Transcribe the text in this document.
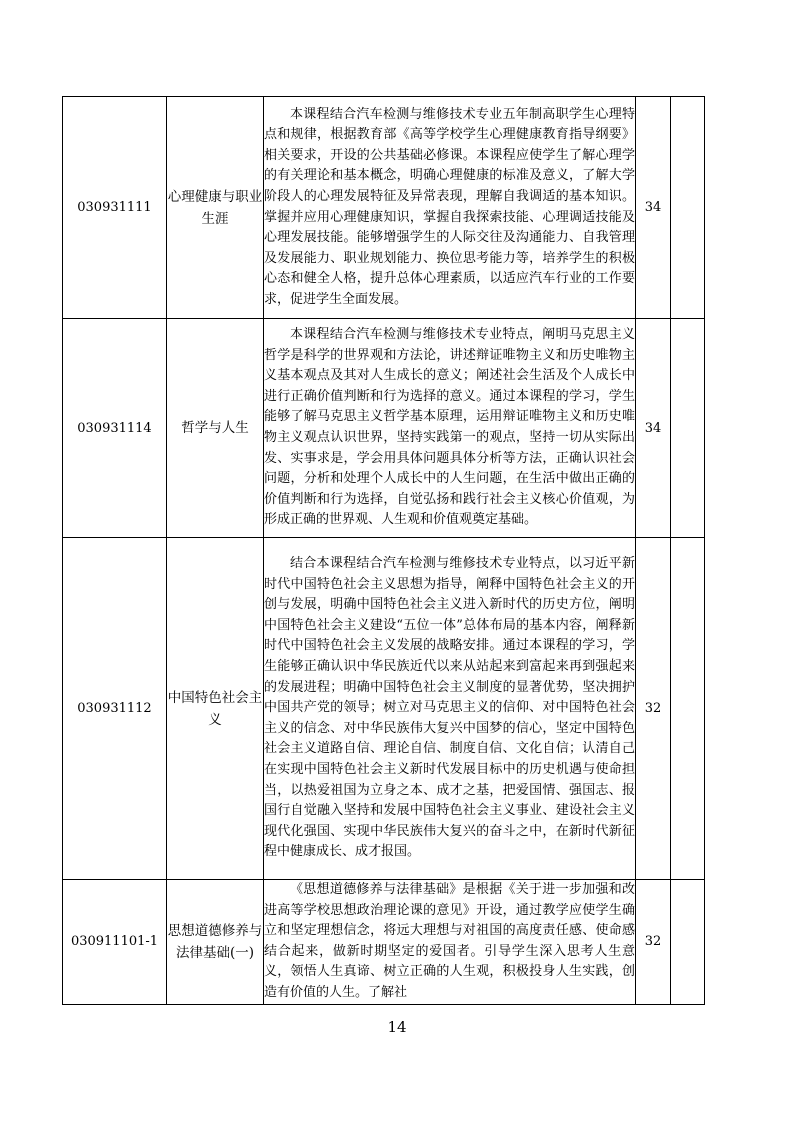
030931111	心理健康与职业生涯	本课程结合汽车检测与维修技术专业五年制高职学生心理特点和规律，根据教育部《高等学校学生心理健康教育指导纲要》相关要求，开设的公共基础必修课。本课程应使学生了解心理学的有关理论和基本概念，明确心理健康的标准及意义，了解大学阶段人的心理发展特征及异常表现，理解自我调适的基本知识。掌握并应用心理健康知识，掌握自我探索技能、心理调适技能及心理发展技能。能够增强学生的人际交往及沟通能力、自我管理及发展能力、职业规划能力、换位思考能力等，培养学生的积极心态和健全人格，提升总体心理素质，以适应汽车行业的工作要求，促进学生全面发展。	34	
030931114	哲学与人生	本课程结合汽车检测与维修技术专业特点，阐明马克思主义哲学是科学的世界观和方法论，讲述辩证唯物主义和历史唯物主义基本观点及其对人生成长的意义；阐述社会生活及个人成长中进行正确价值判断和行为选择的意义。通过本课程的学习，学生能够了解马克思主义哲学基本原理，运用辩证唯物主义和历史唯物主义观点认识世界，坚持实践第一的观点，坚持一切从实际出发、实事求是，学会用具体问题具体分析等方法，正确认识社会问题，分析和处理个人成长中的人生问题，在生活中做出正确的价值判断和行为选择，自觉弘扬和践行社会主义核心价值观，为形成正确的世界观、人生观和价值观奠定基础。	34	
030931112	中国特色社会主义	结合本课程结合汽车检测与维修技术专业特点，以习近平新时代中国特色社会主义思想为指导，阐释中国特色社会主义的开创与发展，明确中国特色社会主义进入新时代的历史方位，阐明中国特色社会主义建设“五位一体”总体布局的基本内容，阐释新时代中国特色社会主义发展的战略安排。通过本课程的学习，学生能够正确认识中华民族近代以来从站起来到富起来再到强起来的发展进程；明确中国特色社会主义制度的显著优势，坚决拥护中国共产党的领导；树立对马克思主义的信仰、对中国特色社会主义的信念、对中华民族伟大复兴中国梦的信心，坚定中国特色社会主义道路自信、理论自信、制度自信、文化自信；认清自己在实现中国特色社会主义新时代发展目标中的历史机遇与使命担当，以热爱祖国为立身之本、成才之基，把爱国情、强国志、报国行自觉融入坚持和发展中国特色社会主义事业、建设社会主义现代化强国、实现中华民族伟大复兴的奋斗之中，在新时代新征程中健康成长、成才报国。	32	
030911101-1	思想道德修养与法律基础(一)	《思想道德修养与法律基础》是根据《关于进一步加强和改进高等学校思想政治理论课的意见》开设，通过教学应使学生确立和坚定理想信念，将远大理想与对祖国的高度责任感、使命感结合起来，做新时期坚定的爱国者。引导学生深入思考人生意义，领悟人生真谛、树立正确的人生观，积极投身人生实践，创造有价值的人生。了解社	32	
14
